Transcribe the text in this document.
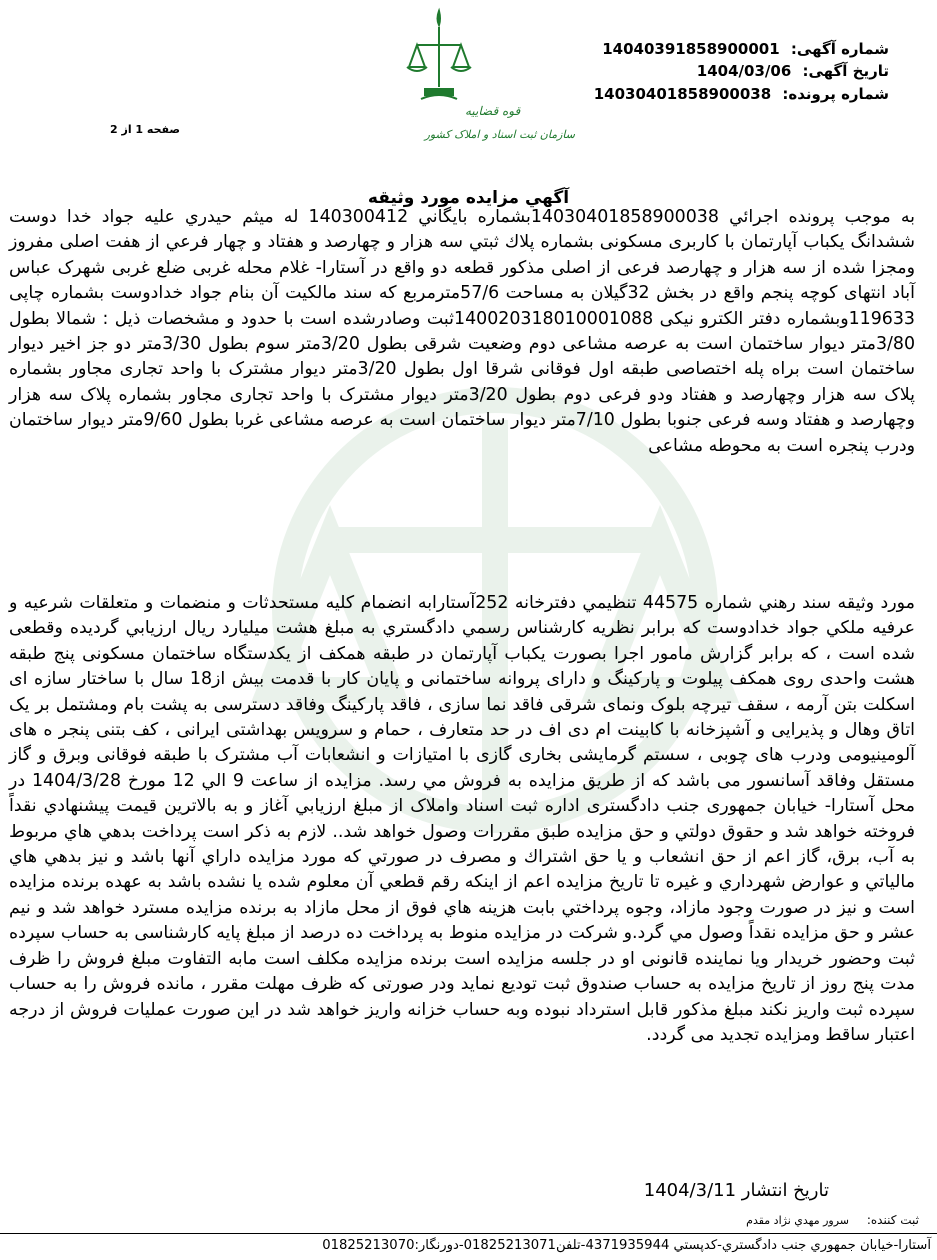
شماره آگهی: 14040391858900001
تاریخ آگهی: 1404/03/06
شماره پرونده: 14030401858900038
صفحه 1 از 2
قوه قضاییه
سازمان ثبت اسناد و املاک کشور
آگهي مزايده مورد وثيقه
به موجب پرونده اجرائي 14030401858900038بشماره بايگاني 140300412 له ميثم حيدري عليه جواد خدا دوست ششدانگ يکباب آپارتمان با کاربری مسکونی بشماره پلاك ثبتي سه هزار و چهارصد و هفتاد و چهار فرعي از هفت اصلی مفروز ومجزا شده از سه هزار و چهارصد فرعی از اصلی مذکور قطعه دو واقع در آستارا- غلام محله غربی ضلع غربی شهرک عباس آباد انتهای کوچه پنجم واقع در بخش 32گیلان به مساحت 57/6مترمربع که سند مالکیت آن بنام جواد خدادوست بشماره چاپی 119633وبشماره دفتر الکترو نیکی 140020318010001088ثبت وصادرشده است با حدود و مشخصات ذیل : شمالا بطول 3/80متر ديوار ساختمان است به عرصه مشاعی دوم وضعیت شرقی بطول 3/20متر سوم بطول 3/30متر دو جز اخیر دیوار ساختمان است براه پله اختصاصی طبقه اول فوقانی شرقا اول بطول 3/20متر ديوار مشترک با واحد تجاری مجاور بشماره پلاک سه هزار وچهارصد و هفتاد ودو فرعی دوم بطول 3/20متر ديوار مشترک با واحد تجاری مجاور بشماره پلاک سه هزار وچهارصد و هفتاد وسه فرعی جنوبا بطول 7/10متر دیوار ساختمان است به عرصه مشاعی غربا بطول 9/60متر دیوار ساختمان ودرب پنجره است به محوطه مشاعی
مورد وثيقه سند رهني شماره 44575 تنظيمي دفترخانه 252آستارابه انضمام كليه مستحدثات و منضمات و متعلقات شرعيه و عرفيه ملكي جواد خدادوست كه برابر نظريه كارشناس رسمي دادگستري به مبلغ هشت ميليارد ريال ارزيابي گرديده وقطعی شده است ، که برابر گزارش مامور اجرا بصورت يکباب آپارتمان در طبقه همکف از یکدستگاه ساختمان مسکونی پنج طبقه هشت واحدی روی همکف پیلوت و پارکینگ و دارای پروانه ساختمانی و پایان کار با قدمت بیش از18 سال با ساختار سازه ای اسکلت بتن آرمه ، سقف تیرچه بلوک ونمای شرقی فاقد نما سازی ، فاقد پارکینگ وفاقد دسترسی به پشت بام ومشتمل بر یک اتاق وهال و پذیرایی و آشپزخانه با کابینت ام دی اف در حد متعارف ، حمام و سرویس بهداشتی ایرانی ، کف بتنی پنجر ه های آلومینیومی ودرب های چوبی ، سستم گرمایشی بخاری گازی با امتیازات و انشعابات آب مشترک با طبقه فوقانی وبرق و گاز مستقل وفاقد آسانسور می باشد که از طريق مزايده به فروش مي رسد. مزايده از ساعت 9 الي 12 مورخ 1404/3/28 در محل آستارا- خیابان جمهوری جنب دادگستری اداره ثبت اسناد واملاک از مبلغ ارزيابي آغاز و به بالاترين قيمت پيشنهادي نقداً فروخته خواهد شد و حقوق دولتي و حق مزايده طبق مقررات وصول خواهد شد.. لازم به ذكر است پرداخت بدهي هاي مربوط به آب، برق، گاز اعم از حق انشعاب و يا حق اشتراك و مصرف در صورتي كه مورد مزايده داراي آنها باشد و نيز بدهي هاي مالياتي و عوارض شهرداري و غيره تا تاريخ مزايده اعم از اينكه رقم قطعي آن معلوم شده يا نشده باشد به عهده برنده مزايده است و نيز در صورت وجود مازاد، وجوه پرداختي بابت هزينه هاي فوق از محل مازاد به برنده مزايده مسترد خواهد شد و نيم عشر و حق مزايده نقداً وصول مي گرد.و شرکت در مزایده منوط به پرداخت ده درصد از مبلغ پایه کارشناسی به حساب سپرده ثبت وحضور خریدار ویا نماینده قانونی او در جلسه مزایده است برنده مزایده مکلف است مابه التفاوت مبلغ فروش را ظرف مدت پنج روز از تاریخ مزایده به حساب صندوق ثبت تودیع نماید ودر صورتی که ظرف مهلت مقرر ، مانده فروش را به حساب سپرده ثبت واریز نکند مبلغ مذکور قابل استرداد نبوده وبه حساب خزانه واریز خواهد شد در این صورت عملیات فروش از درجه اعتبار ساقط ومزایده تجدید می گردد.
تاريخ انتشار 1404/3/11
ثبت كننده: سرور مهدي نژاد مقدم
آستارا-خيابان جمهوري جنب دادگستري-كدپستي 4371935944-تلفن01825213071-دورنگار:01825213070
